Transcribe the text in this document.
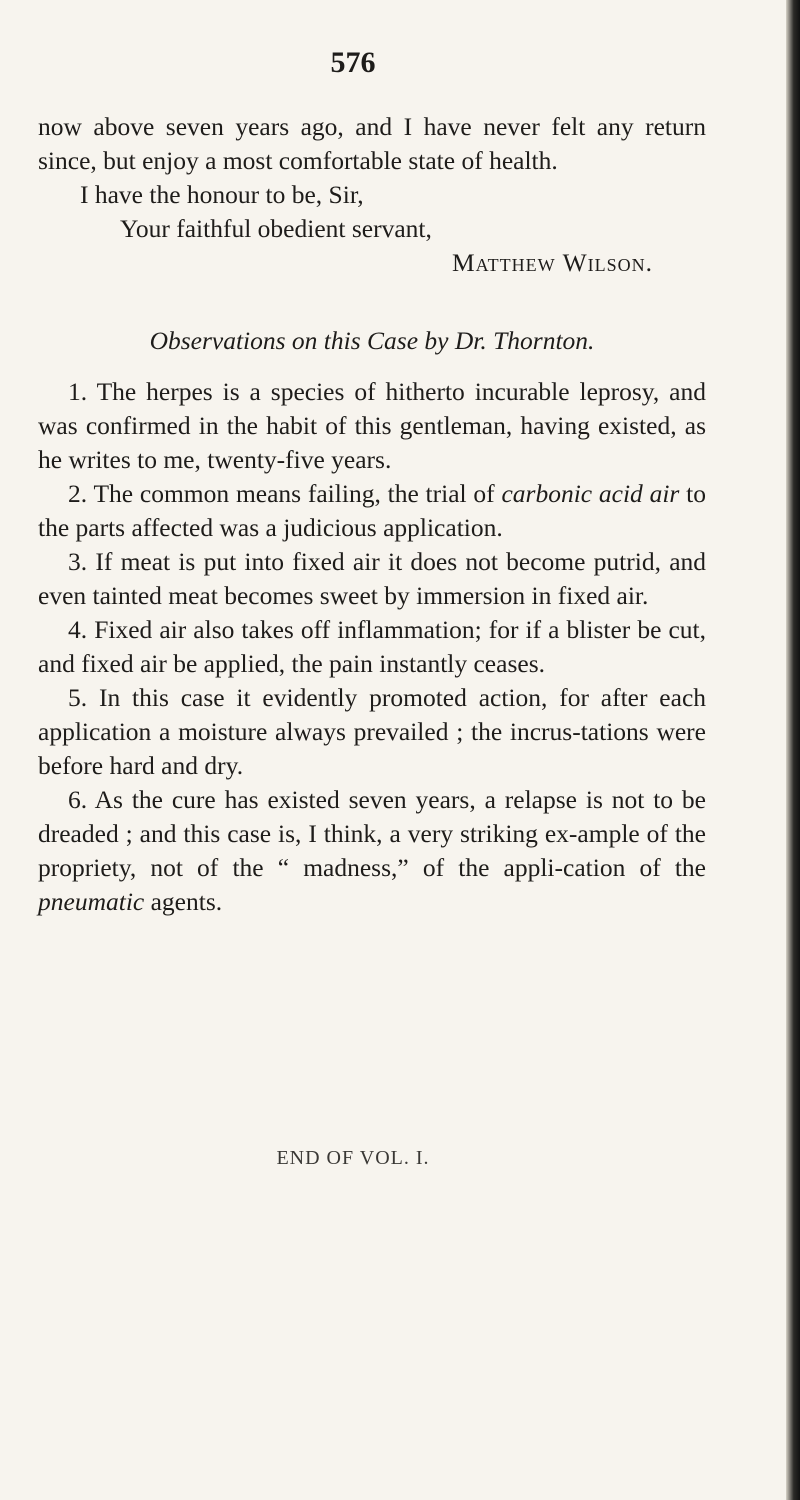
576

now above seven years ago, and I have never felt any return since, but enjoy a most comfortable state of health.

I have the honour to be, Sir,

Your faithful obedient servant,

Matthew Wilson.

Observations on this Case by Dr. Thornton.

1. The herpes is a species of hitherto incurable leprosy, and was confirmed in the habit of this gentleman, having existed, as he writes to me, twenty-five years.

2. The common means failing, the trial of carbonic acid air to the parts affected was a judicious application.

3. If meat is put into fixed air it does not become putrid, and even tainted meat becomes sweet by immersion in fixed air.

4. Fixed air also takes off inflammation; for if a blister be cut, and fixed air be applied, the pain instantly ceases.

5. In this case it evidently promoted action, for after each application a moisture always prevailed ; the incrus-tations were before hard and dry.

6. As the cure has existed seven years, a relapse is not to be dreaded ; and this case is, I think, a very striking ex-ample of the propriety, not of the “ madness,” of the appli-cation of the pneumatic agents.

END OF VOL. I.
